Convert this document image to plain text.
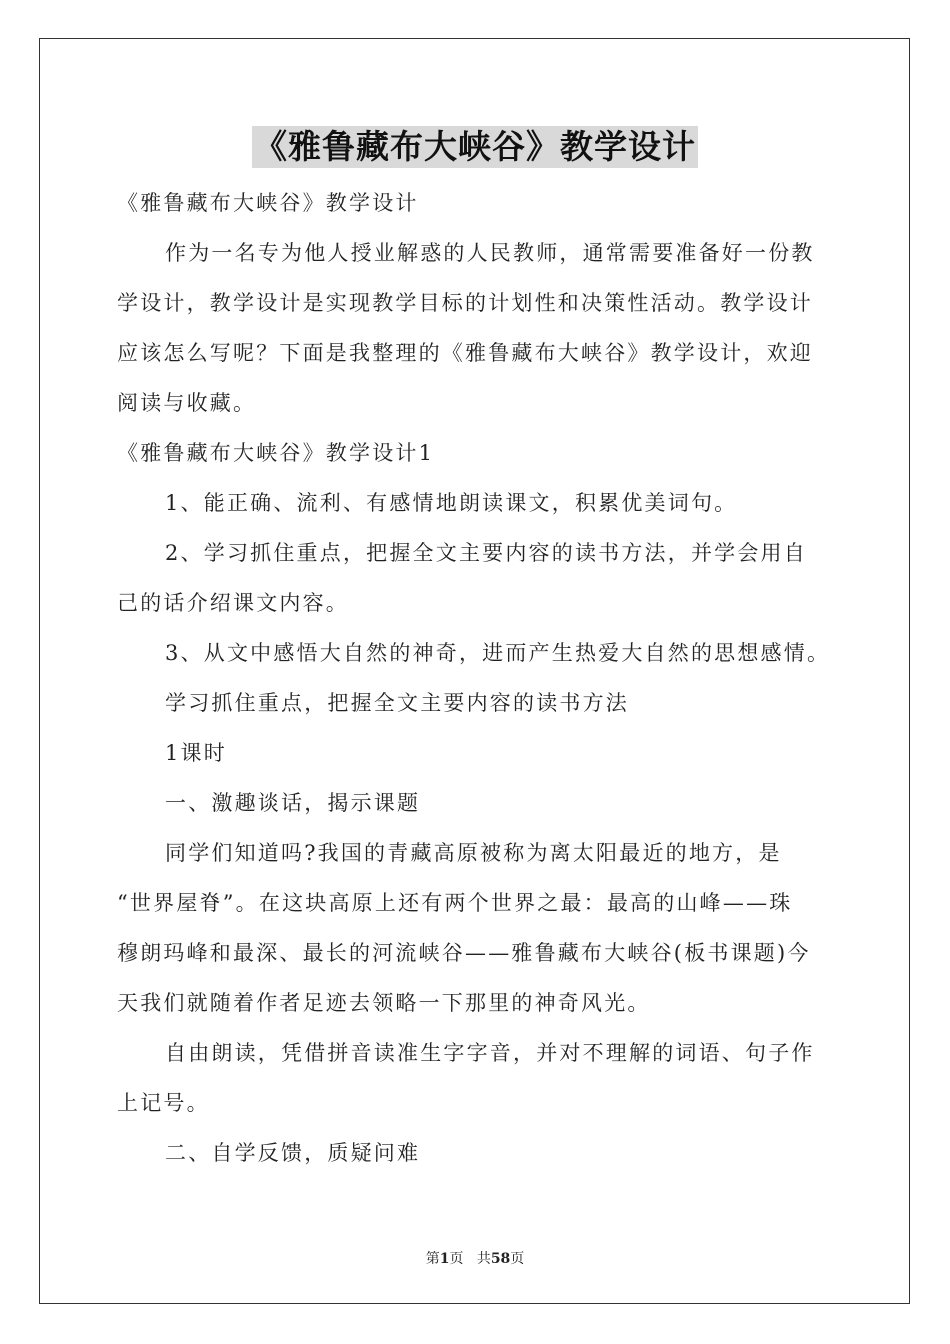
《雅鲁藏布大峡谷》教学设计

《雅鲁藏布大峡谷》教学设计

作为一名专为他人授业解惑的人民教师，通常需要准备好一份教

学设计，教学设计是实现教学目标的计划性和决策性活动。教学设计

应该怎么写呢？下面是我整理的《雅鲁藏布大峡谷》教学设计，欢迎

阅读与收藏。

《雅鲁藏布大峡谷》教学设计1

1、能正确、流利、有感情地朗读课文，积累优美词句。

2、学习抓住重点，把握全文主要内容的读书方法，并学会用自

己的话介绍课文内容。

3、从文中感悟大自然的神奇，进而产生热爱大自然的思想感情。

学习抓住重点，把握全文主要内容的读书方法

1课时

一、激趣谈话，揭示课题

同学们知道吗?我国的青藏高原被称为离太阳最近的地方，是

“世界屋脊”。在这块高原上还有两个世界之最：最高的山峰——珠

穆朗玛峰和最深、最长的河流峡谷——雅鲁藏布大峡谷(板书课题)今

天我们就随着作者足迹去领略一下那里的神奇风光。

自由朗读，凭借拼音读准生字字音，并对不理解的词语、句子作

上记号。

二、自学反馈，质疑问难

第1页 共58页
